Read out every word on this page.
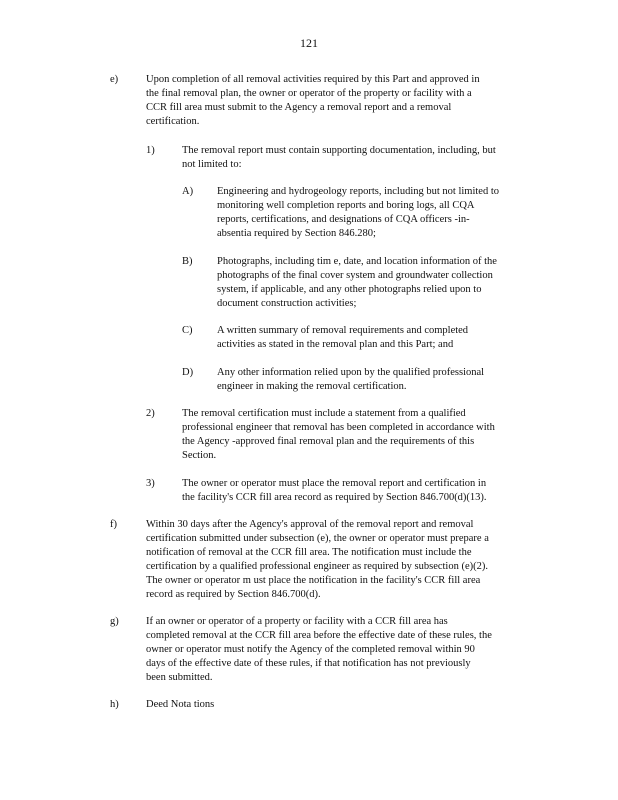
121
e)	Upon completion of all removal activities required by this Part and approved in
the final removal plan, the owner or operator of the property or facility with a
CCR fill area must submit to the Agency a removal report and a removal
certification.
1)	The removal report must contain supporting documentation, including, but
not limited to:
A) Engineering and hydrogeology reports, including but not limited to
monitoring well completion reports and boring logs, all CQA
reports, certifications, and designations of CQA officers -in-
absentia required by Section 846.280;
B) Photographs, including tim e, date, and location information of the
photographs of the final cover system and groundwater collection
system, if applicable, and any other photographs relied upon to
document construction activities;
C) A written summary of removal requirements and completed
activities as stated in the removal plan and this Part; and
D) Any other information relied upon by the qualified professional
engineer in making the removal certification.
2)	The removal certification must include a statement from a qualified
professional engineer that removal has been completed in accordance with
the Agency -approved final removal plan and the requirements of this
Section.
3)	The owner or operator must place the removal report and certification in
the facility's CCR fill area record as required by Section 846.700(d)(13).
f)	Within 30 days after the Agency's approval of the removal report and removal
certification submitted under subsection (e), the owner or operator must prepare a
notification of removal at the CCR fill area. The notification must include the
certification by a qualified professional engineer as required by subsection (e)(2).
The owner or operator m ust place the notification in the facility's CCR fill area
record as required by Section 846.700(d).
g)	If an owner or operator of a property or facility with a CCR fill area has
completed removal at the CCR fill area before the effective date of these rules, the
owner or operator must notify the Agency of the completed removal within 90
days of the effective date of these rules, if that notification has not previously
been submitted.
h)	Deed Nota tions
